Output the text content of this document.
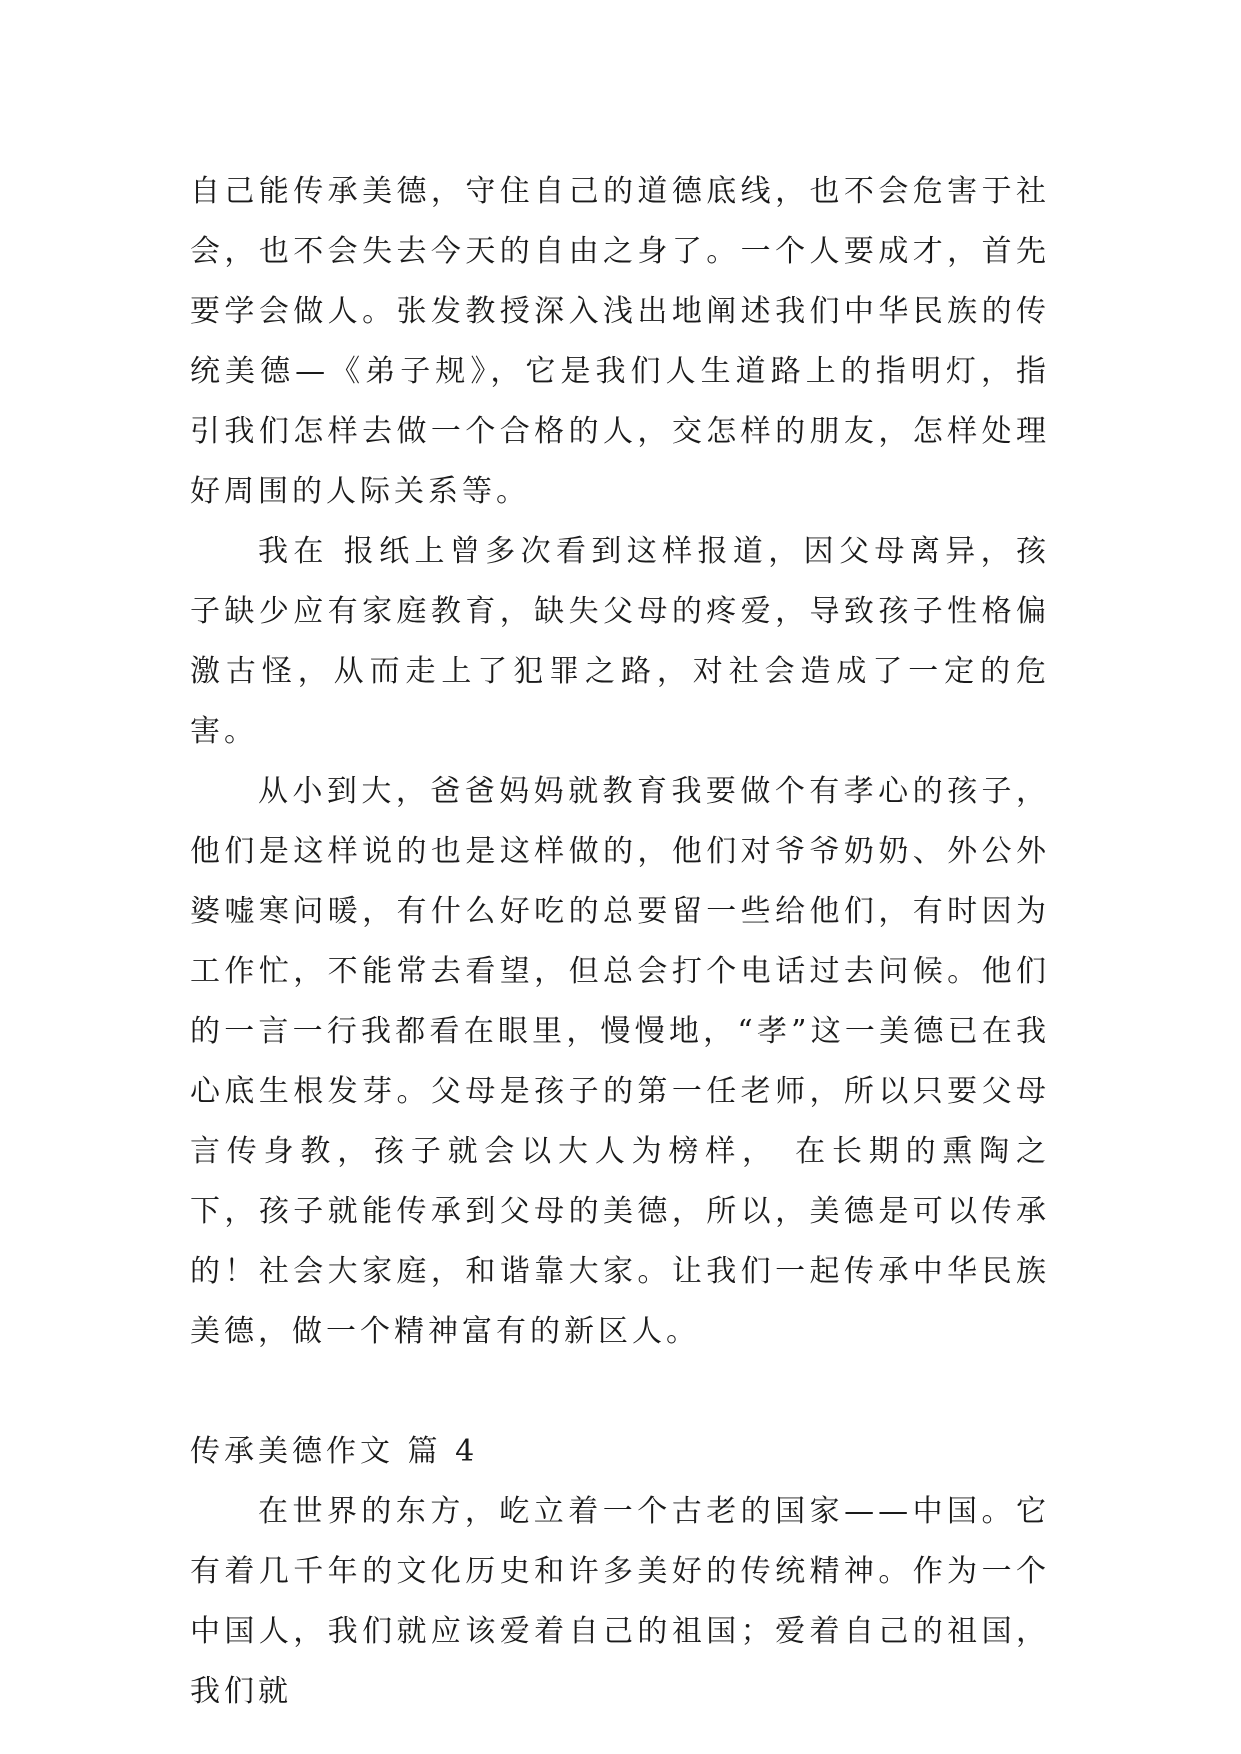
自己能传承美德，守住自己的道德底线，也不会危害于社会，也不会失去今天的自由之身了。一个人要成才，首先要学会做人。张发教授深入浅出地阐述我们中华民族的传统美德—《弟子规》，它是我们人生道路上的指明灯，指引我们怎样去做一个合格的人，交怎样的朋友，怎样处理好周围的人际关系等。

我在 报纸上曾多次看到这样报道，因父母离异，孩子缺少应有家庭教育，缺失父母的疼爱，导致孩子性格偏激古怪，从而走上了犯罪之路，对社会造成了一定的危害。

从小到大，爸爸妈妈就教育我要做个有孝心的孩子，他们是这样说的也是这样做的，他们对爷爷奶奶、外公外婆嘘寒问暖，有什么好吃的总要留一些给他们，有时因为工作忙，不能常去看望，但总会打个电话过去问候。他们的一言一行我都看在眼里，慢慢地，“孝”这一美德已在我心底生根发芽。父母是孩子的第一任老师，所以只要父母言传身教，孩子就会以大人为榜样， 在长期的熏陶之下，孩子就能传承到父母的美德，所以，美德是可以传承的！社会大家庭，和谐靠大家。让我们一起传承中华民族美德，做一个精神富有的新区人。

传承美德作文 篇 4

在世界的东方，屹立着一个古老的国家——中国。它有着几千年的文化历史和许多美好的传统精神。作为一个中国人，我们就应该爱着自己的祖国；爱着自己的祖国，我们就
